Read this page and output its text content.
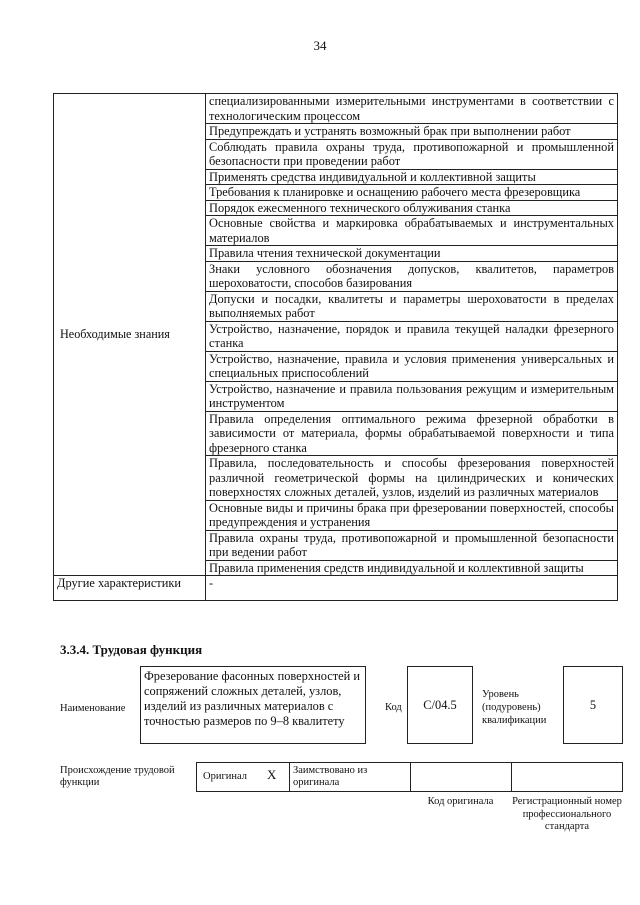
34
Необходимые знания	специализированными измерительными инструментами в соответствии с технологическим процессом
	Предупреждать и устранять возможный брак при выполнении работ
	Соблюдать правила охраны труда, противопожарной и промышленной безопасности при проведении работ
	Применять средства индивидуальной и коллективной защиты
	Требования к планировке и оснащению рабочего места фрезеровщика
	Порядок ежесменного технического облуживания станка
	Основные свойства и маркировка обрабатываемых и инструментальных материалов
	Правила чтения технической документации
	Знаки условного обозначения допусков, квалитетов, параметров шероховатости, способов базирования
	Допуски и посадки, квалитеты и параметры шероховатости в пределах выполняемых работ
	Устройство, назначение, порядок и правила текущей наладки фрезерного станка
	Устройство, назначение, правила и условия применения универсальных и специальных приспособлений
	Устройство, назначение и правила пользования режущим и измерительным инструментом
	Правила определения оптимального режима фрезерной обработки в зависимости от материала, формы обрабатываемой поверхности и типа фрезерного станка
	Правила, последовательность и способы фрезерования поверхностей различной геометрической формы на цилиндрических и конических поверхностях сложных деталей, узлов, изделий из различных материалов
	Основные виды и причины брака при фрезеровании поверхностей, способы предупреждения и устранения
	Правила охраны труда, противопожарной и промышленной безопасности при ведении работ
	Правила применения средств индивидуальной и коллективной защиты
Другие характеристики	-
3.3.4. Трудовая функция
Наименование
Фрезерование фасонных поверхностей и сопряжений сложных деталей, узлов, изделий из различных материалов с точностью размеров по 9–8 квалитету
Код C/04.5
Уровень (подуровень) квалификации
5
Происхождение трудовой функции
Оригинал X Заимствовано из оригинала
Код оригинала	Регистрационный номер профессионального стандарта
